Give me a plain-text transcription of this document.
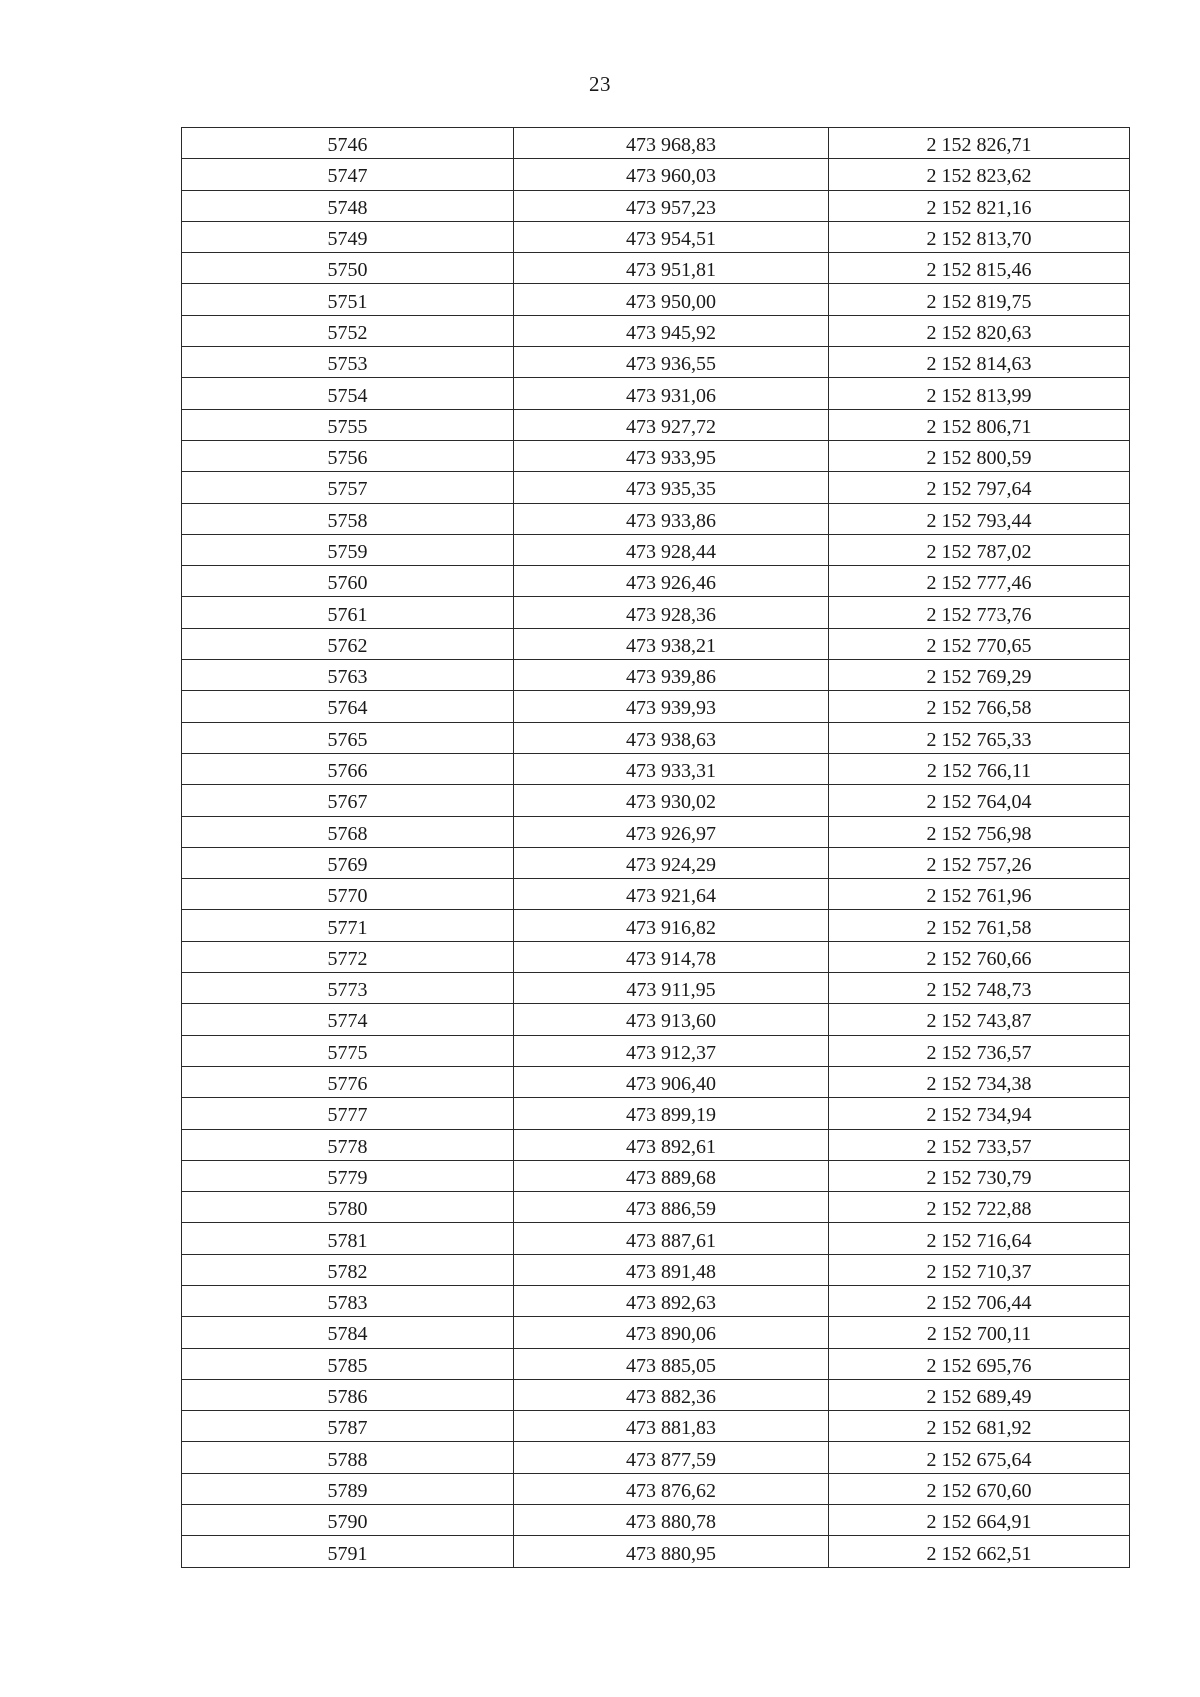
23
5746	473 968,83	2 152 826,71
5747	473 960,03	2 152 823,62
5748	473 957,23	2 152 821,16
5749	473 954,51	2 152 813,70
5750	473 951,81	2 152 815,46
5751	473 950,00	2 152 819,75
5752	473 945,92	2 152 820,63
5753	473 936,55	2 152 814,63
5754	473 931,06	2 152 813,99
5755	473 927,72	2 152 806,71
5756	473 933,95	2 152 800,59
5757	473 935,35	2 152 797,64
5758	473 933,86	2 152 793,44
5759	473 928,44	2 152 787,02
5760	473 926,46	2 152 777,46
5761	473 928,36	2 152 773,76
5762	473 938,21	2 152 770,65
5763	473 939,86	2 152 769,29
5764	473 939,93	2 152 766,58
5765	473 938,63	2 152 765,33
5766	473 933,31	2 152 766,11
5767	473 930,02	2 152 764,04
5768	473 926,97	2 152 756,98
5769	473 924,29	2 152 757,26
5770	473 921,64	2 152 761,96
5771	473 916,82	2 152 761,58
5772	473 914,78	2 152 760,66
5773	473 911,95	2 152 748,73
5774	473 913,60	2 152 743,87
5775	473 912,37	2 152 736,57
5776	473 906,40	2 152 734,38
5777	473 899,19	2 152 734,94
5778	473 892,61	2 152 733,57
5779	473 889,68	2 152 730,79
5780	473 886,59	2 152 722,88
5781	473 887,61	2 152 716,64
5782	473 891,48	2 152 710,37
5783	473 892,63	2 152 706,44
5784	473 890,06	2 152 700,11
5785	473 885,05	2 152 695,76
5786	473 882,36	2 152 689,49
5787	473 881,83	2 152 681,92
5788	473 877,59	2 152 675,64
5789	473 876,62	2 152 670,60
5790	473 880,78	2 152 664,91
5791	473 880,95	2 152 662,51
